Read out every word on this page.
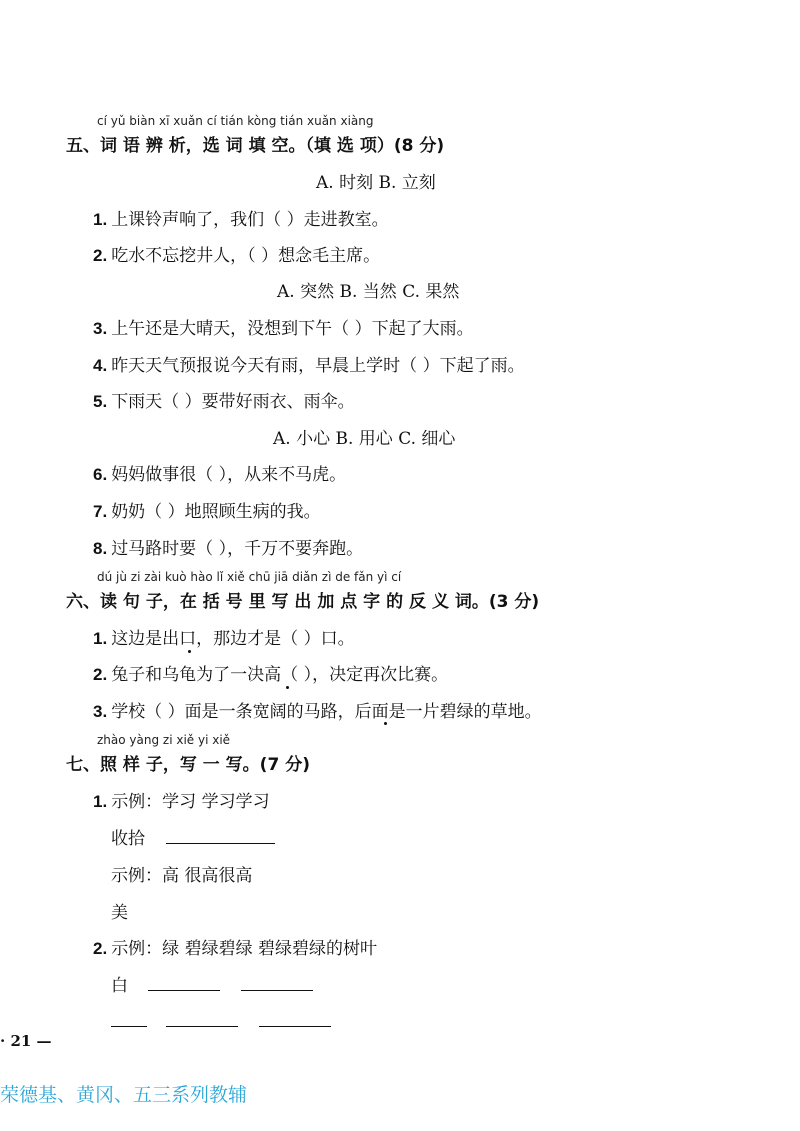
cí yǔ biàn xī xuǎn cí tián kòng tián xuǎn xiàng
五、词 语 辨 析，选 词 填 空。（填 选 项）(8 分)
A. 时刻 B. 立刻
1. 上课铃声响了，我们（ ）走进教室。
2. 吃水不忘挖井人，（ ）想念毛主席。
A. 突然 B. 当然 C. 果然
3. 上午还是大晴天，没想到下午（ ）下起了大雨。
4. 昨天天气预报说今天有雨，早晨上学时（ ）下起了雨。
5. 下雨天（ ）要带好雨衣、雨伞。
A. 小心 B. 用心 C. 细心
6. 妈妈做事很（ ），从来不马虎。
7. 奶奶（ ）地照顾生病的我。
8. 过马路时要（ ），千万不要奔跑。
dú jù zi zài kuò hào lǐ xiě chū jiā diǎn zì de fǎn yì cí
六、读 句 子，在 括 号 里 写 出 加 点 字 的 反 义 词。(3 分)
1. 这边是出口，那边才是（ ）口。
2. 兔子和乌龟为了一决高（ ），决定再次比赛。
3. 学校（ ）面是一条宽阔的马路，后面是一片碧绿的草地。
zhào yàng zi xiě yi xiě
七、照 样 子，写 一 写。(7 分)
1. 示例：学习 学习学习
收拾
示例：高 很高很高
美
2. 示例：绿 碧绿碧绿 碧绿碧绿的树叶
白
· 21 —
荣德基、黄冈、五三系列教辅
